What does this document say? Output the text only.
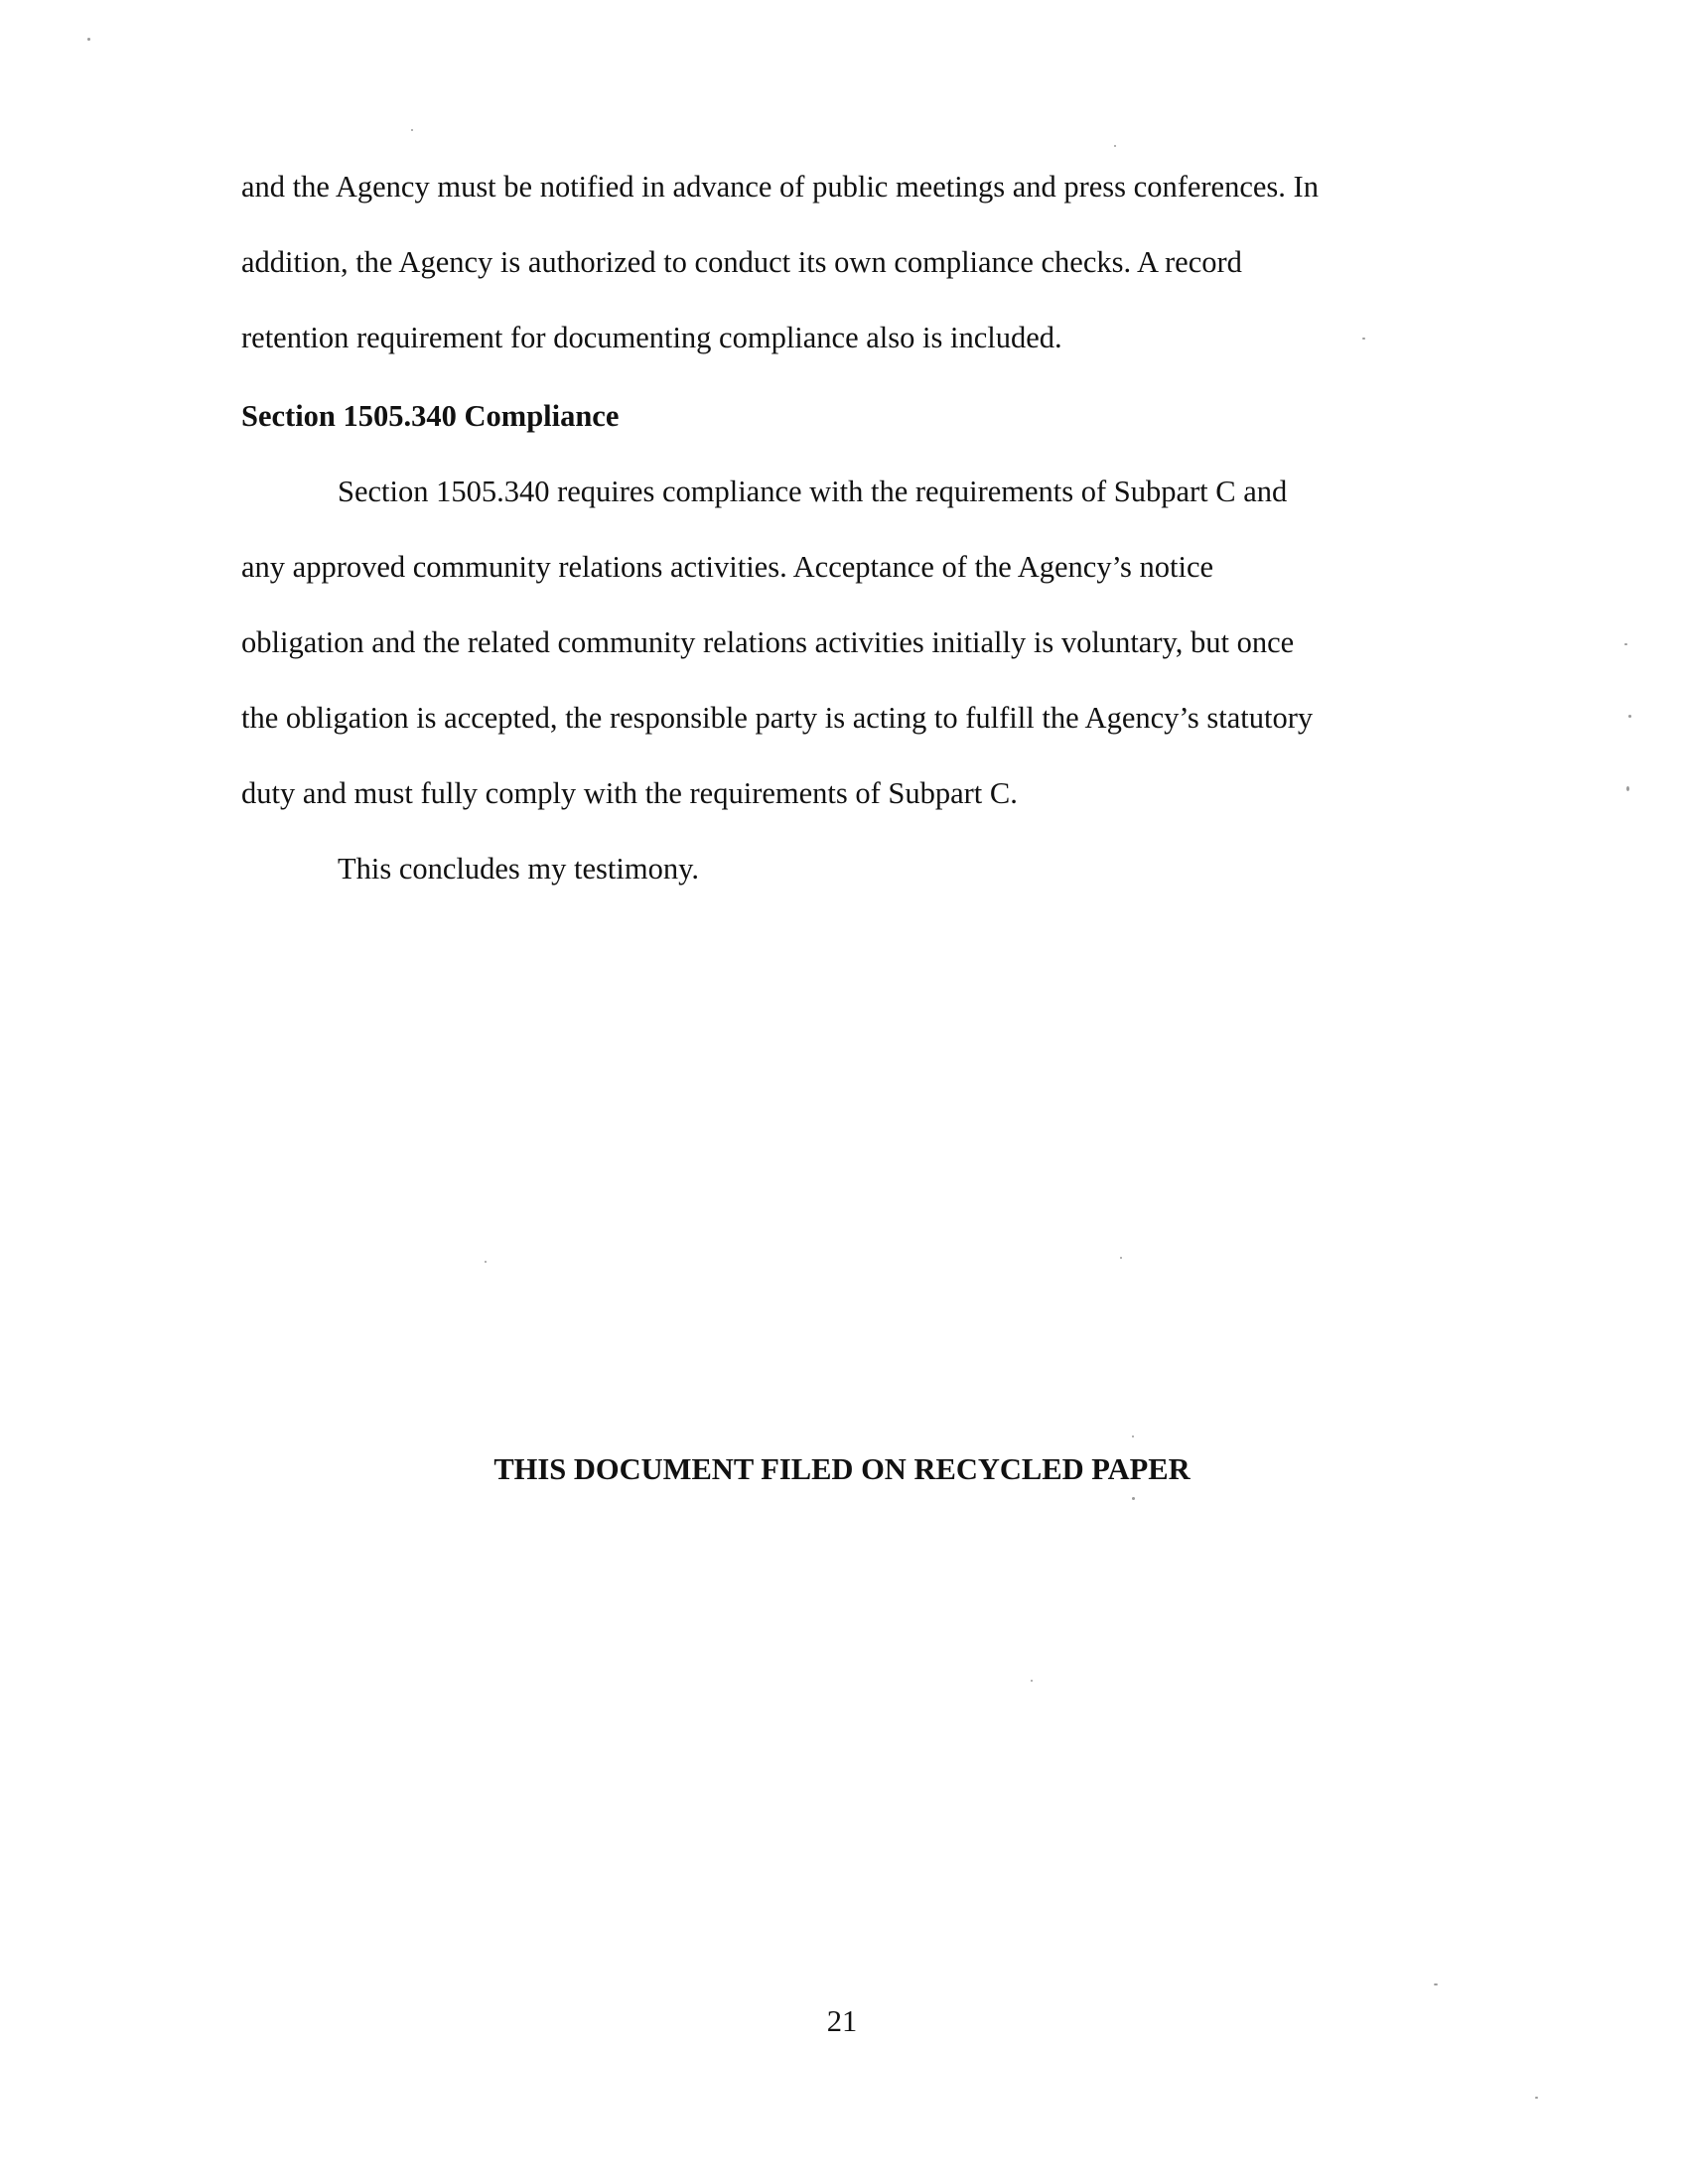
and the Agency must be notified in advance of public meetings and press conferences. In
addition, the Agency is authorized to conduct its own compliance checks. A record
retention requirement for documenting compliance also is included.
Section 1505.340 Compliance
Section 1505.340 requires compliance with the requirements of Subpart C and
any approved community relations activities. Acceptance of the Agency’s notice
obligation and the related community relations activities initially is voluntary, but once
the obligation is accepted, the responsible party is acting to fulfill the Agency’s statutory
duty and must fully comply with the requirements of Subpart C.
This concludes my testimony.
THIS DOCUMENT FILED ON RECYCLED PAPER
21
